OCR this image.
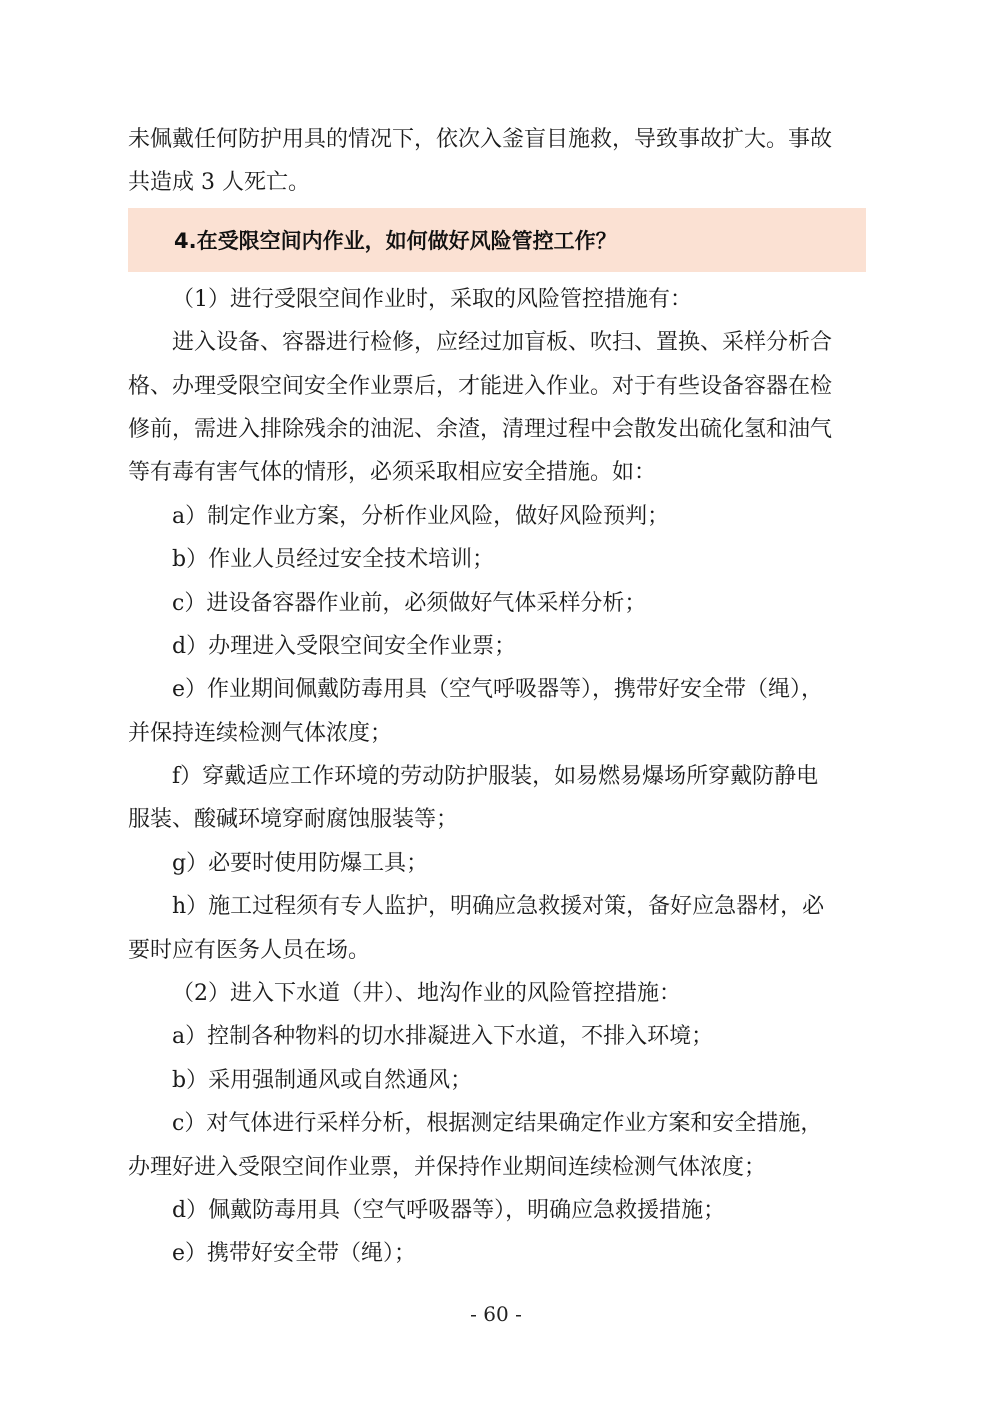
未佩戴任何防护用具的情况下，依次入釜盲目施救，导致事故扩大。事故
共造成 3 人死亡。
4.在受限空间内作业，如何做好风险管控工作？
（1）进行受限空间作业时，采取的风险管控措施有：
进入设备、容器进行检修，应经过加盲板、吹扫、置换、采样分析合
格、办理受限空间安全作业票后，才能进入作业。对于有些设备容器在检
修前，需进入排除残余的油泥、余渣，清理过程中会散发出硫化氢和油气
等有毒有害气体的情形，必须采取相应安全措施。如：
a）制定作业方案，分析作业风险，做好风险预判；
b）作业人员经过安全技术培训；
c）进设备容器作业前，必须做好气体采样分析；
d）办理进入受限空间安全作业票；
e）作业期间佩戴防毒用具（空气呼吸器等），携带好安全带（绳），
并保持连续检测气体浓度；
f）穿戴适应工作环境的劳动防护服装，如易燃易爆场所穿戴防静电
服装、酸碱环境穿耐腐蚀服装等；
g）必要时使用防爆工具；
h）施工过程须有专人监护，明确应急救援对策，备好应急器材，必
要时应有医务人员在场。
（2）进入下水道（井）、地沟作业的风险管控措施：
a）控制各种物料的切水排凝进入下水道，不排入环境；
b）采用强制通风或自然通风；
c）对气体进行采样分析，根据测定结果确定作业方案和安全措施，
办理好进入受限空间作业票，并保持作业期间连续检测气体浓度；
d）佩戴防毒用具（空气呼吸器等），明确应急救援措施；
e）携带好安全带（绳）；
- 60 -
